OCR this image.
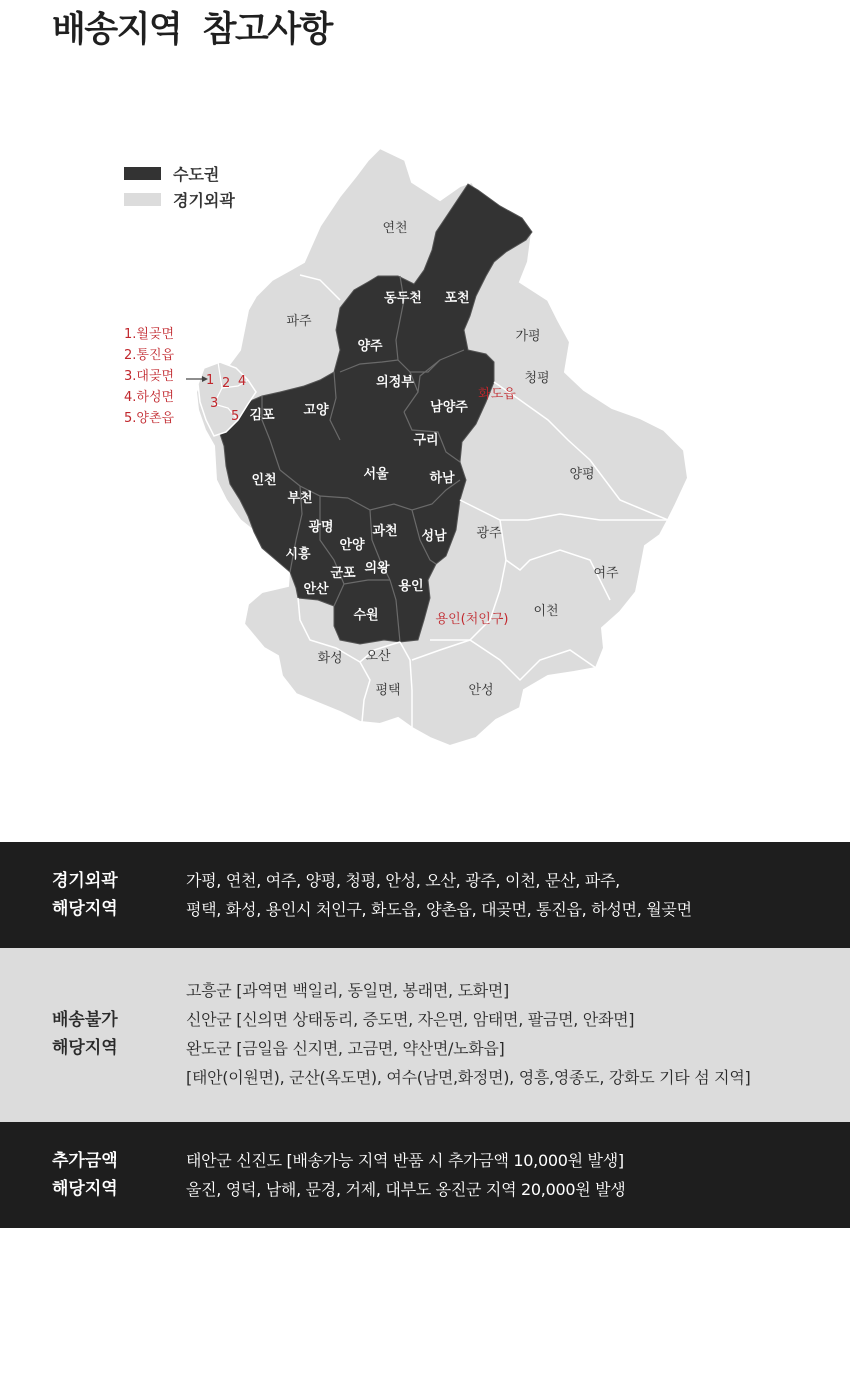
배송지역  참고사항
수도권
경기외곽
1.월곶면
2.통진읍
3.대곶면
4.하성면
5.양촌읍
1 2 4
3
5
동두천 포천
양주
의정부
남양주
김포 고양
구리
서울	하남
인천
부천
광명	과천 성남
안양
시흥
군포 의왕
안산	용인
수원
연천
파주
가평
청평
양평
광주
여주
이천
화성 오산
평택	안성
화도읍
용인(처인구)
경기외곽
해당지역
가평, 연천, 여주, 양평, 청평, 안성, 오산, 광주, 이천, 문산, 파주,
평택, 화성, 용인시 처인구, 화도읍, 양촌읍, 대곶면, 통진읍, 하성면, 월곶면
배송불가
해당지역
고흥군 [과역면 백일리, 동일면, 봉래면, 도화면]
신안군 [신의면 상태동리, 증도면, 자은면, 암태면, 팔금면, 안좌면]
완도군 [금일읍 신지면, 고금면, 약산면/노화읍]
[태안(이원면), 군산(옥도면), 여수(남면,화정면), 영흥,영종도, 강화도 기타 섬 지역]
추가금액
해당지역
태안군 신진도 [배송가능 지역 반품 시 추가금액 10,000원 발생]
울진, 영덕, 남해, 문경, 거제, 대부도 옹진군 지역 20,000원 발생
